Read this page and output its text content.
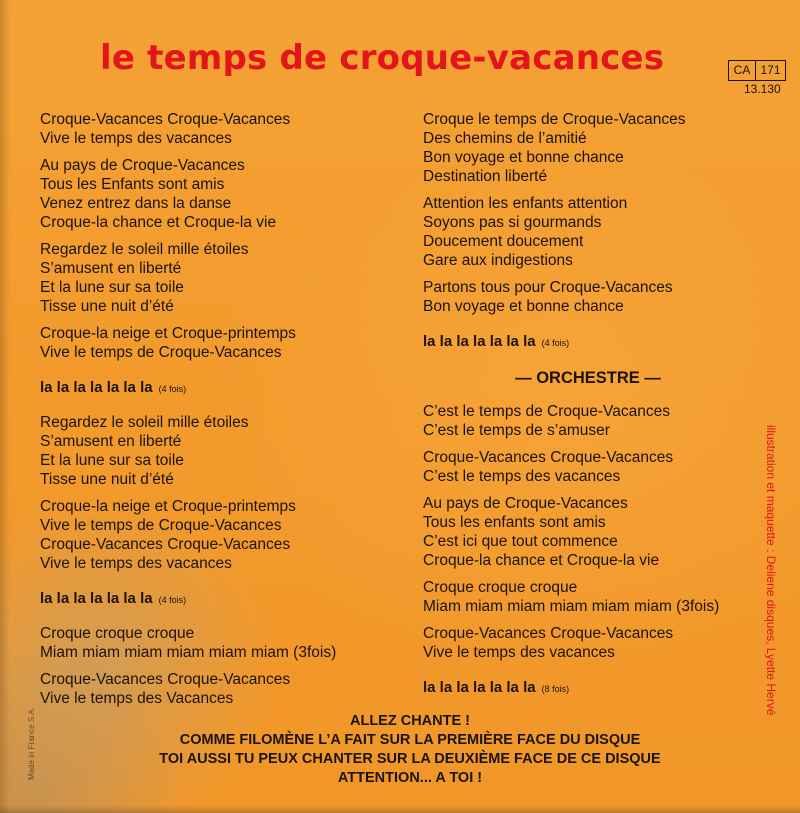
le temps de croque-vacances	CA 171
13.130
Croque-Vacances Croque-Vacances
Vive le temps des vacances
Au pays de Croque-Vacances
Tous les Enfants sont amis
Venez entrez dans la danse
Croque-la chance et Croque-la vie
Regardez le soleil mille étoiles
S’amusent en liberté
Et la lune sur sa toile
Tisse une nuit d’été
Croque-la neige et Croque-printemps
Vive le temps de Croque-Vacances
la la la la la la la (4 fois)
Regardez le soleil mille étoiles
S’amusent en liberté
Et la lune sur sa toile
Tisse une nuit d’été
Croque-la neige et Croque-printemps
Vive le temps de Croque-Vacances
Croque-Vacances Croque-Vacances
Vive le temps des vacances
la la la la la la la (4 fois)
Croque croque croque
Miam miam miam miam miam miam (3fois)
Croque-Vacances Croque-Vacances
Vive le temps des Vacances
Croque le temps de Croque-Vacances
Des chemins de l’amitié
Bon voyage et bonne chance
Destination liberté
Attention les enfants attention
Soyons pas si gourmands
Doucement doucement
Gare aux indigestions
Partons tous pour Croque-Vacances
Bon voyage et bonne chance
la la la la la la la (4 fois)
— ORCHESTRE —
C’est le temps de Croque-Vacances
C’est le temps de s’amuser
Croque-Vacances Croque-Vacances
C’est le temps des vacances
Au pays de Croque-Vacances
Tous les enfants sont amis
C’est ici que tout commence
Croque-la chance et Croque-la vie
Croque croque croque
Miam miam miam miam miam miam (3fois)
Croque-Vacances Croque-Vacances
Vive le temps des vacances
la la la la la la la (8 fois)
ALLEZ CHANTE !
COMME FILOMÈNE L’A FAIT SUR LA PREMIÈRE FACE DU DISQUE
TOI AUSSI TU PEUX CHANTER SUR LA DEUXIÈME FACE DE CE DISQUE
ATTENTION... A TOI !
illustration et maquette : Deliene disques, Lyette Hervé
Made in France S.A.
